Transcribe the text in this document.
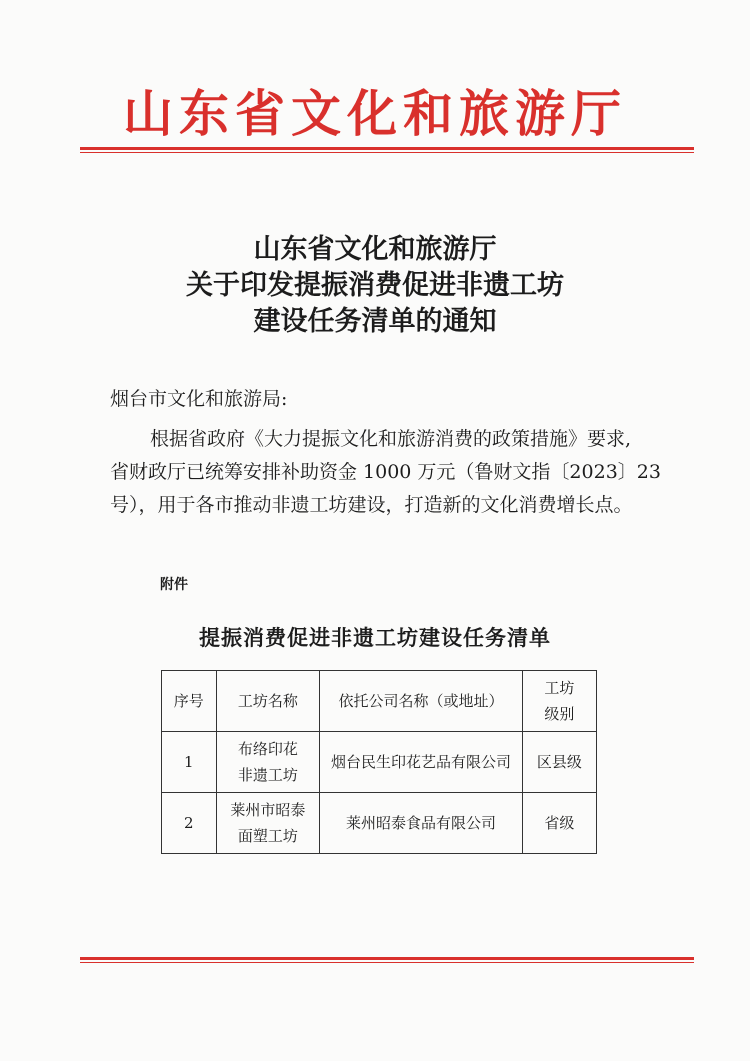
山东省文化和旅游厅
山东省文化和旅游厅
关于印发提振消费促进非遗工坊
建设任务清单的通知
烟台市文化和旅游局:
根据省政府《大力提振文化和旅游消费的政策措施》要求,
省财政厅已统筹安排补助资金 1000 万元（鲁财文指〔2023〕23
号），用于各市推动非遗工坊建设，打造新的文化消费增长点。
附件
提振消费促进非遗工坊建设任务清单
序号	工坊名称	依托公司名称（或地址）	工坊
级别

1	布络印花
非遗工坊	烟台民生印花艺品有限公司	区县级
2	莱州市昭泰
面塑工坊	莱州昭泰食品有限公司	省级
